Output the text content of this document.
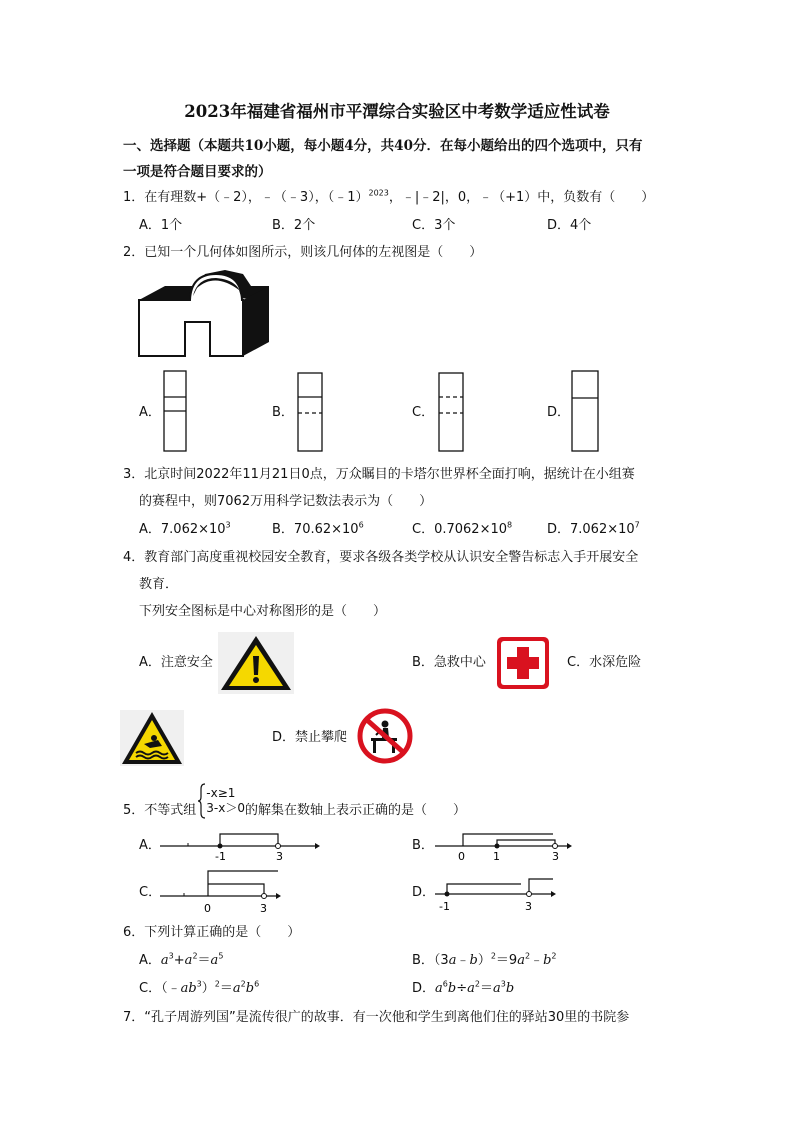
2023年福建省福州市平潭综合实验区中考数学适应性试卷
一、选择题（本题共10小题，每小题4分，共40分．在每小题给出的四个选项中，只有
一项是符合题目要求的）
1．在有理数+（﹣2），﹣（﹣3），（﹣1）$^{2023}$，﹣|﹣2|，0，﹣（+1）中，负数有（　　）
A．1个	B．2个	C．3个	D．4个
2．已知一个几何体如图所示，则该几何体的左视图是（　　）
A．	B．	C．	D．
3．北京时间2022年11月21日0点，万众瞩目的卡塔尔世界杯全面打响，据统计在小组赛
的赛程中，则7062万用科学记数法表示为（　　）
A．$7.062\times 10^3$	B．$70.62\times 10^6$	C．$0.7062\times 10^8$	D．$7.062\times 10^7$
4．教育部门高度重视校园安全教育，要求各级各类学校从认识安全警告标志入手开展安全
教育．
下列安全图标是中心对称图形的是（　　）
A．注意安全	B．急救中心	C．水深危险
D．禁止攀爬
5．不等式组-x≥1
3-x＞0的解集在数轴上表示正确的是（　　）
A．
-1	3
B．
0	1	3
C．
0	3
D．
-1	3
6．下列计算正确的是（　　）
A．$a^3+a^2=a^5$	B．$(3a﹣b)^2=9a^2﹣b^2$
C．$(﹣ab^3)^2=a^2b^6$	D．$a^6b\div a^2=a^3b$
7．“孔子周游列国”是流传很广的故事．有一次他和学生到离他们住的驿站30里的书院参
